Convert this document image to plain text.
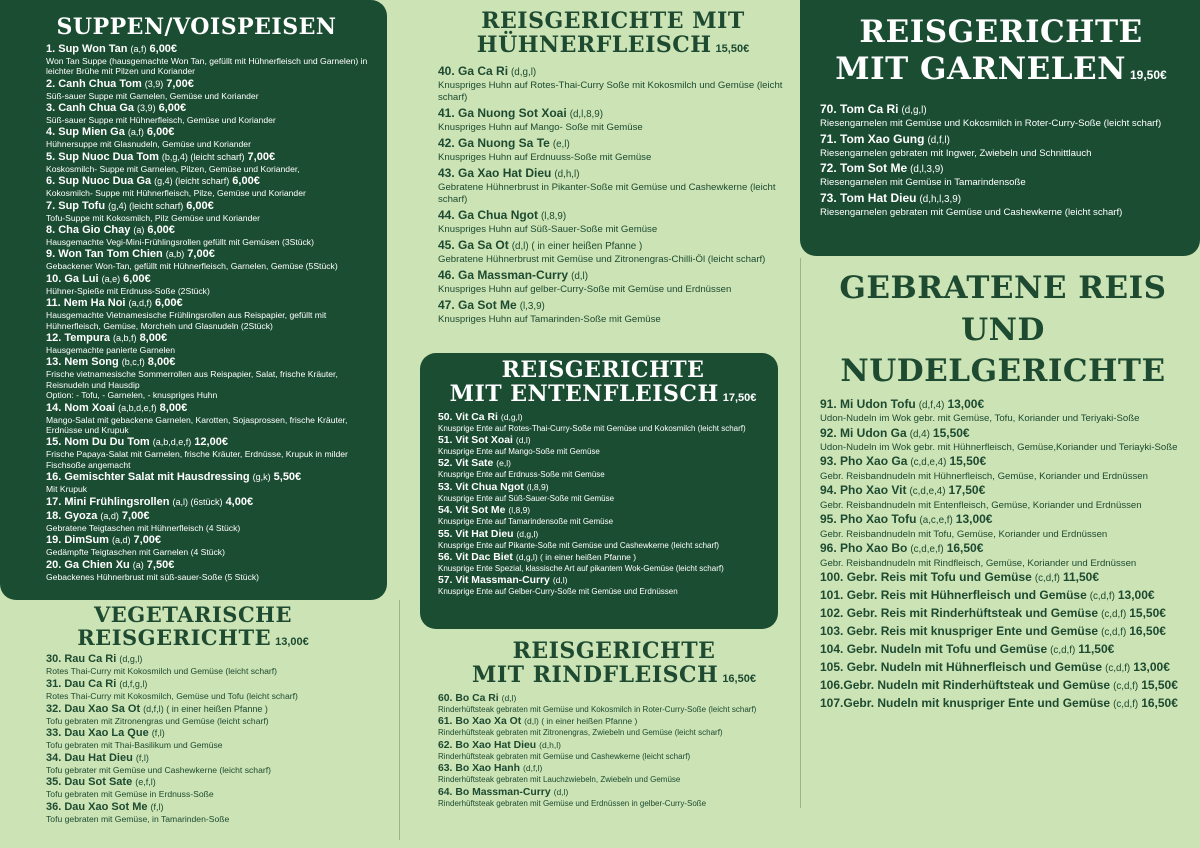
SUPPEN/VOISPEISEN
1. Sup Won Tan (a,f) 6,00€
Won Tan Suppe (hausgemachte Won Tan, gefüllt mit Hühnerfleisch und Garnelen) in leichter Brühe mit Pilzen und Koriander
2. Canh Chua Tom (3,9) 7,00€
Süß-sauer Suppe mit Garnelen, Gemüse und Koriander
3. Canh Chua Ga (3,9) 6,00€
Süß-sauer Suppe mit Hühnerfleisch, Gemüse und Koriander
4. Sup Mien Ga (a,f) 6,00€
Hühnersuppe mit Glasnudeln, Gemüse und Koriander
5. Sup Nuoc Dua Tom (b,g,4) (leicht scharf) 7,00€
Koskosmilch- Suppe mit Garnelen, Pilzen, Gemüse und Koriander,
6. Sup Nuoc Dua Ga (g,4) (leicht scharf) 6,00€
Kokosmilch- Suppe mit Hühnerfleisch, Pilze, Gemüse und Koriander
7. Sup Tofu (g,4) (leicht scharf) 6,00€
Tofu-Suppe mit Kokosmilch, Pilz Gemüse und Koriander
8. Cha Gio Chay (a) 6,00€
Hausgemachte Vegi-Mini-Frühlingsrollen gefüllt mit Gemüsen (3Stück)
9. Won Tan Tom Chien (a,b) 7,00€
Gebackener Won-Tan, gefüllt mit Hühnerfleisch, Garnelen, Gemüse (5Stück)
10. Ga Lui (a,e) 6,00€
Hühner-Spieße mit Erdnuss-Soße (2Stück)
11. Nem Ha Noi (a,d,f) 6,00€
Hausgemachte Vietnamesische Frühlingsrollen aus Reispapier, gefüllt mit Hühnerfleisch, Gemüse, Morcheln und Glasnudeln (2Stück)
12. Tempura (a,b,f) 8,00€
Hausgemachte panierte Garnelen
13. Nem Song (b,c,f) 8,00€
Frische vietnamesische Sommerrollen aus Reispapier, Salat, frische Kräuter, Reisnudeln und Hausdip
Option: - Tofu, - Garnelen, - knuspriges Huhn
14. Nom Xoai (a,b,d,e,f) 8,00€
Mango-Salat mit gebackene Garnelen, Karotten, Sojasprossen, frische Kräuter, Erdnüsse und Krupuk
15. Nom Du Du Tom (a,b,d,e,f) 12,00€
Frische Papaya-Salat mit Garnelen, frische Kräuter, Erdnüsse, Krupuk in milder Fischsoße angemacht
16. Gemischter Salat mit Hausdressing (g,k) 5,50€
Mit Krupuk
17. Mini Frühlingsrollen (a,l) (6stück) 4,00€
18. Gyoza (a,d) 7,00€
Gebratene Teigtaschen mit Hühnerfleisch (4 Stück)
19. DimSum (a,d) 7,00€
Gedämpfte Teigtaschen mit Garnelen (4 Stück)
20. Ga Chien Xu (a) 7,50€
Gebackenes Hühnerbrust mit süß-sauer-Soße (5 Stück)
VEGETARISCHE
REISGERICHTE 13,00€
30. Rau Ca Ri (d,g,l)
Rotes Thai-Curry mit Kokosmilch und Gemüse (leicht scharf)
31. Dau Ca Ri (d,f,g,l)
Rotes Thai-Curry mit Kokosmilch, Gemüse und Tofu (leicht scharf)
32. Dau Xao Sa Ot (d,f,l) ( in einer heißen Pfanne )
Tofu gebraten mit Zitronengras und Gemüse (leicht scharf)
33. Dau Xao La Que (f,l)
Tofu gebraten mit Thai-Basilikum und Gemüse
34. Dau Hat Dieu (f,l)
Tofu gebrater mit Gemüse und Cashewkerne (leicht scharf)
35. Dau Sot Sate (e,f,l)
Tofu gebraten mit Gemüse in Erdnuss-Soße
36. Dau Xao Sot Me (f,l)
Tofu gebraten mit Gemüse, in Tamarinden-Soße
REISGERICHTE MIT
HÜHNERFLEISCH 15,50€
40. Ga Ca Ri (d,g,l)
Knuspriges Huhn auf Rotes-Thai-Curry Soße mit Kokosmilch und Gemüse (leicht scharf)
41. Ga Nuong Sot Xoai (d,l,8,9)
Knuspriges Huhn auf Mango- Soße mit Gemüse
42. Ga Nuong Sa Te (e,l)
Knuspriges Huhn auf Erdnuuss-Soße mit Gemüse
43. Ga Xao Hat Dieu (d,h,l)
Gebratene Hühnerbrust in Pikanter-Soße mit Gemüse und Cashewkerne (leicht scharf)
44. Ga Chua Ngot (l,8,9)
Knuspriges Huhn auf Süß-Sauer-Soße mit Gemüse
45. Ga Sa Ot (d,l) ( in einer heißen Pfanne )
Gebratene Hühnerbrust mit Gemüse und Zitronengras-Chilli-Öl (leicht scharf)
46. Ga Massman-Curry (d,l)
Knuspriges Huhn auf gelber-Curry-Soße mit Gemüse und Erdnüssen
47. Ga Sot Me (l,3,9)
Knuspriges Huhn auf Tamarinden-Soße mit Gemüse
REISGERICHTE
MIT ENTENFLEISCH 17,50€
50. Vit Ca Ri (d,g,l)
Knusprige Ente auf Rotes-Thai-Curry-Soße mit Gemüse und Kokosmilch (leicht scharf)
51. Vit Sot Xoai (d,l)
Knusprige Ente auf Mango-Soße mit Gemüse
52. Vit Sate (e,l)
Knusprige Ente auf Erdnuss-Soße mit Gemüse
53. Vit Chua Ngot (l,8,9)
Knusprige Ente auf Süß-Sauer-Soße mit Gemüse
54. Vit Sot Me (l,8,9)
Knusprige Ente auf Tamarindensoße mit Gemüse
55. Vit Hat Dieu (d,g,l)
Knusprige Ente auf Pikante-Soße mit Gemüse und Cashewkerne (leicht scharf)
56. Vit Dac Biet (d,g,l) ( in einer heißen Pfanne )
Knusprige Ente Spezial, klassische Art auf pikantem Wok-Gemüse (leicht scharf)
57. Vit Massman-Curry (d,l)
Knusprige Ente auf Gelber-Curry-Soße mit Gemüse und Erdnüssen
REISGERICHTE
MIT RINDFLEISCH 16,50€
60. Bo Ca Ri (d,l)
Rinderhüftsteak gebraten mit Gemüse und Kokosmilch in Roter-Curry-Soße (leicht scharf)
61. Bo Xao Xa Ot (d,l) ( in einer heißen Pfanne )
Rinderhüftsteak gebraten mit Zitronengras, Zwiebeln und Gemüse (leicht scharf)
62. Bo Xao Hat Dieu (d,h,l)
Rinderhüftsteak gebraten mit Gemüse und Cashewkerne (leicht scharf)
63. Bo Xao Hanh (d,f,l)
Rinderhüftsteak gebraten mit Lauchzwiebeln, Zwiebeln und Gemüse
64. Bo Massman-Curry (d,l)
Rinderhüftsteak gebraten mit Gemüse und Erdnüssen in gelber-Curry-Soße
REISGERICHTE
MIT GARNELEN 19,50€
70. Tom Ca Ri (d,g,l)
Riesengarnelen mit Gemüse und Kokosmilch in Roter-Curry-Soße (leicht scharf)
71. Tom Xao Gung (d,f,l)
Riesengarnelen gebraten mit Ingwer, Zwiebeln und Schnittlauch
72. Tom Sot Me (d,l,3,9)
Riesengarnelen mit Gemüse in Tamarindensoße
73. Tom Hat Dieu (d,h,l,3,9)
Riesengarnelen gebraten mit Gemüse und Cashewkerne (leicht scharf)
GEBRATENE REIS UND
NUDELGERICHTE
91. Mi Udon Tofu (d,f,4) 13,00€
Udon-Nudeln im Wok gebr. mit Gemüse, Tofu, Koriander und Teriyaki-Soße
92. Mi Udon Ga (d,4) 15,50€
Udon-Nudeln im Wok gebr. mit Hühnerfleisch, Gemüse,Koriander und Teriayki-Soße
93. Pho Xao Ga (c,d,e,4) 15,50€
Gebr. Reisbandnudeln mit Hühnerfleisch, Gemüse, Koriander und Erdnüssen
94. Pho Xao Vit (c,d,e,4) 17,50€
Gebr. Reisbandnudeln mit Entenfleisch, Gemüse, Koriander und Erdnüssen
95. Pho Xao Tofu (a,c,e,f) 13,00€
Gebr. Reisbandnudeln mit Tofu, Gemüse, Koriander und Erdnüssen
96. Pho Xao Bo (c,d,e,f) 16,50€
Gebr. Reisbandnudeln mit Rindfleisch, Gemüse, Koriander und Erdnüssen
100. Gebr. Reis mit Tofu und Gemüse (c,d,f) 11,50€
101. Gebr. Reis mit Hühnerfleisch und Gemüse (c,d,f) 13,00€
102. Gebr. Reis mit Rinderhüftsteak und Gemüse (c,d,f) 15,50€
103. Gebr. Reis mit knuspriger Ente und Gemüse (c,d,f) 16,50€
104. Gebr. Nudeln mit Tofu und Gemüse (c,d,f) 11,50€
105. Gebr. Nudeln mit Hühnerfleisch und Gemüse (c,d,f) 13,00€
106.Gebr. Nudeln mit Rinderhüftsteak und Gemüse (c,d,f) 15,50€
107.Gebr. Nudeln mit knuspriger Ente und Gemüse (c,d,f) 16,50€
